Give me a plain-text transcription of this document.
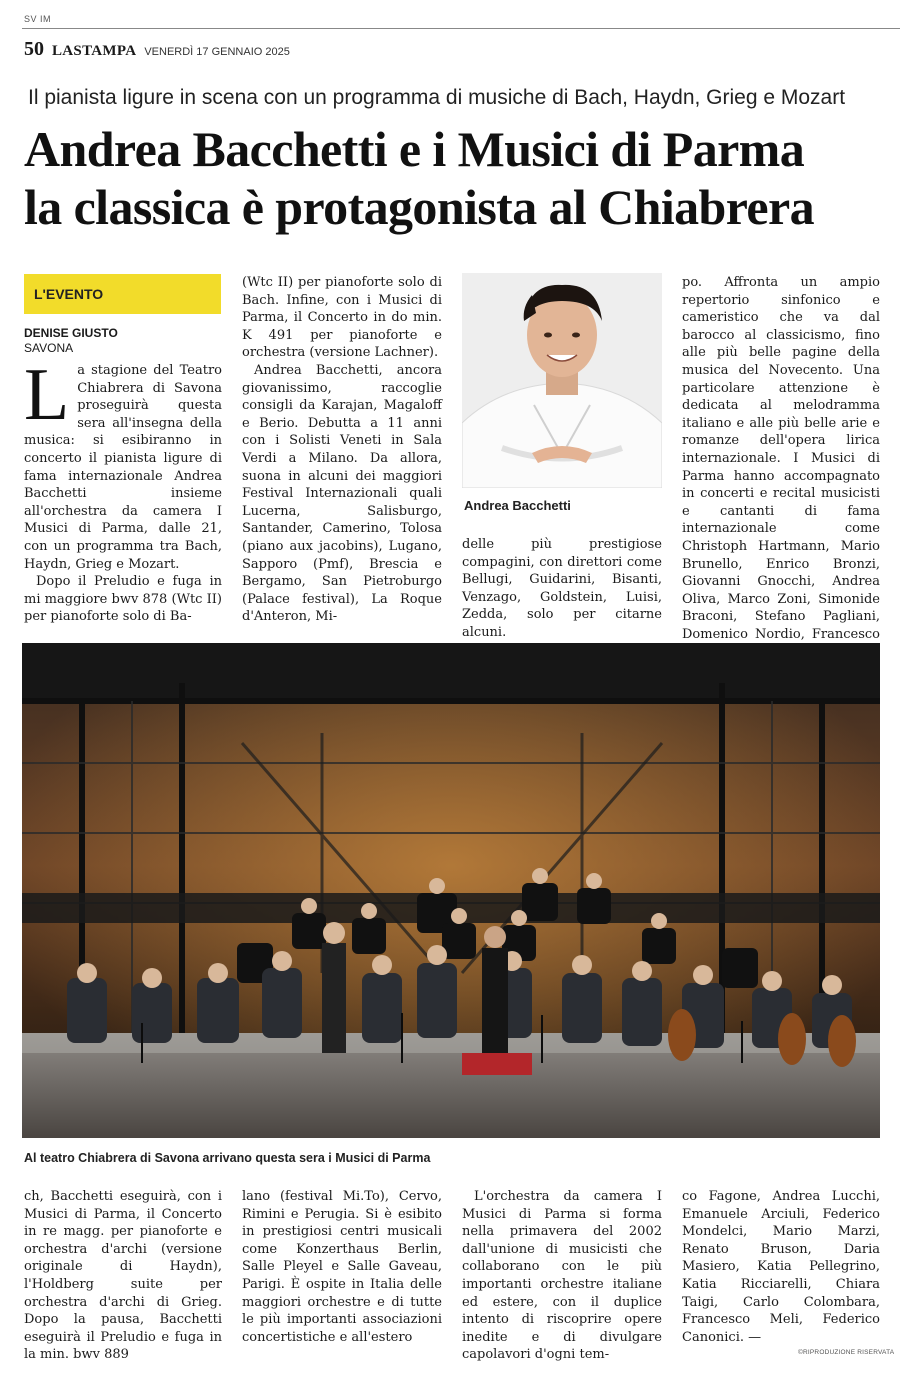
SV IM
50 LASTAMPA VENERDÌ 17 GENNAIO 2025
Il pianista ligure in scena con un programma di musiche di Bach, Haydn, Grieg e Mozart
Andrea Bacchetti e i Musici di Parma
la classica è protagonista al Chiabrera
L'EVENTO
DENISE GIUSTO
SAVONA

La stagione del Teatro Chiabrera di Savona proseguirà questa sera all'insegna della musica: si esibiranno in concerto il pianista ligure di fama internazionale Andrea Bacchetti insieme all'orchestra da camera I Musici di Parma, dalle 21, con un programma tra Bach, Haydn, Grieg e Mozart.

Dopo il Preludio e fuga in mi maggiore bwv 878 (Wtc II) per pianoforte solo di Ba-

(Wtc II) per pianoforte solo di Bach. Infine, con i Musici di Parma, il Concerto in do min. K 491 per pianoforte e orchestra (versione Lachner).

Andrea Bacchetti, ancora giovanissimo, raccoglie consigli da Karajan, Magaloff e Berio. Debutta a 11 anni con i Solisti Veneti in Sala Verdi a Milano. Da allora, suona in alcuni dei maggiori Festival Internazionali quali Lucerna, Salisburgo, Santander, Camerino, Tolosa (piano aux jacobins), Lugano, Sapporo (Pmf), Brescia e Bergamo, San Pietroburgo (Palace festival), La Roque d'Anteron, Mi-

Andrea Bacchetti

delle più prestigiose compagini, con direttori come Bellugi, Guidarini, Bisanti, Venzago, Goldstein, Luisi, Zedda, solo per citarne alcuni.

po. Affronta un ampio repertorio sinfonico e cameristico che va dal barocco al classicismo, fino alle più belle pagine della musica del Novecento. Una particolare attenzione è dedicata al melodramma italiano e alle più belle arie e romanze dell'opera lirica internazionale. I Musici di Parma hanno accompagnato in concerti e recital musicisti e cantanti di fama internazionale come Christoph Hartmann, Mario Brunello, Enrico Bronzi, Giovanni Gnocchi, Andrea Oliva, Marco Zoni, Simonide Braconi, Stefano Pagliani, Domenico Nordio, Francesco

Al teatro Chiabrera di Savona arrivano questa sera i Musici di Parma

ch, Bacchetti eseguirà, con i Musici di Parma, il Concerto in re magg. per pianoforte e orchestra d'archi (versione originale di Haydn), l'Holdberg suite per orchestra d'archi di Grieg. Dopo la pausa, Bacchetti eseguirà il Preludio e fuga in la min. bwv 889

lano (festival Mi.To), Cervo, Rimini e Perugia. Si è esibito in prestigiosi centri musicali come Konzerthaus Berlin, Salle Pleyel e Salle Gaveau, Parigi. È ospite in Italia delle maggiori orchestre e di tutte le più importanti associazioni concertistiche e all'estero

L'orchestra da camera I Musici di Parma si forma nella primavera del 2002 dall'unione di musicisti che collaborano con le più importanti orchestre italiane ed estere, con il duplice intento di riscoprire opere inedite e di divulgare capolavori d'ogni tem-

co Fagone, Andrea Lucchi, Emanuele Arciuli, Federico Mondelci, Mario Marzi, Renato Bruson, Daria Masiero, Katia Pellegrino, Katia Ricciarelli, Chiara Taigi, Carlo Colombara, Francesco Meli, Federico Canonici. —

©RIPRODUZIONE RISERVATA
